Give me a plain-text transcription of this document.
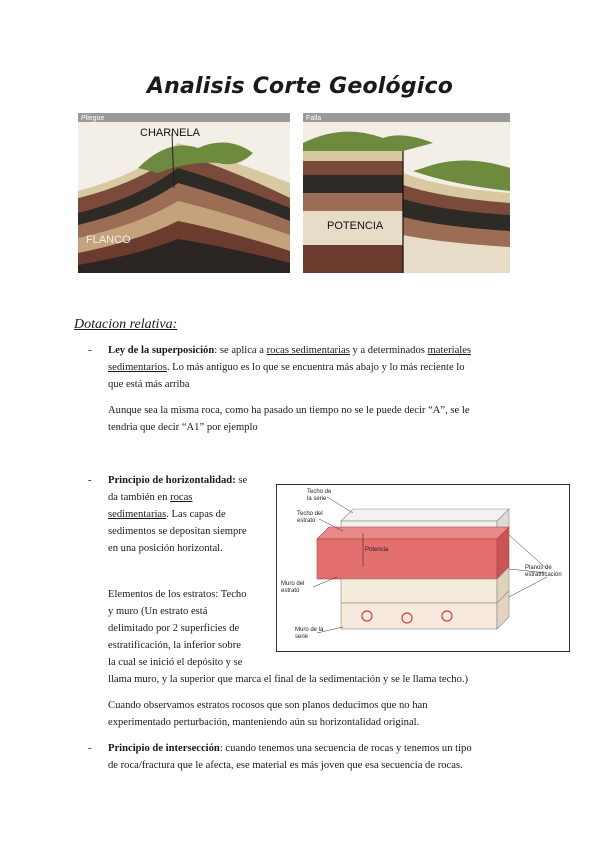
Analisis Corte Geológico
Pliegue
CHARNELA
FLANCO
Falla
POTENCIA
Dotacion relativa:
- Ley de la superposición: se aplica a rocas sedimentarias y a determinados materiales
sedimentarios. Lo más antiguo es lo que se encuentra más abajo y lo más reciente lo
que está más arriba
Aunque sea la misma roca, como ha pasado un tiempo no se le puede decir “A”, se le
tendria que decir “A1” por ejemplo
- Principio de horizontalidad: se
da también en rocas
sedimentarias. Las capas de
sedimentos se depositan siempre
en una posición horizontal.
Elementos de los estratos: Techo
y muro (Un estrato está
delimitado por 2 superficies de
estratificación, la inferior sobre
la cual se inició el depósito y se
llama muro, y la superior que marca el final de la sedimentación y se le llama techo.)
Cuando observamos estratos rocosos que son planos deducimos que no han
experimentado perturbación, manteniendo aún su horizontalidad original.
Techo de la serie
Techo del estrato
Potencia
Muro del estrato
Muro de la serie
Planos de estratificación
- Principio de intersección: cuando tenemos una secuencia de rocas y tenemos un tipo
de roca/fractura que le afecta, ese material es más joven que esa secuencia de rocas.
